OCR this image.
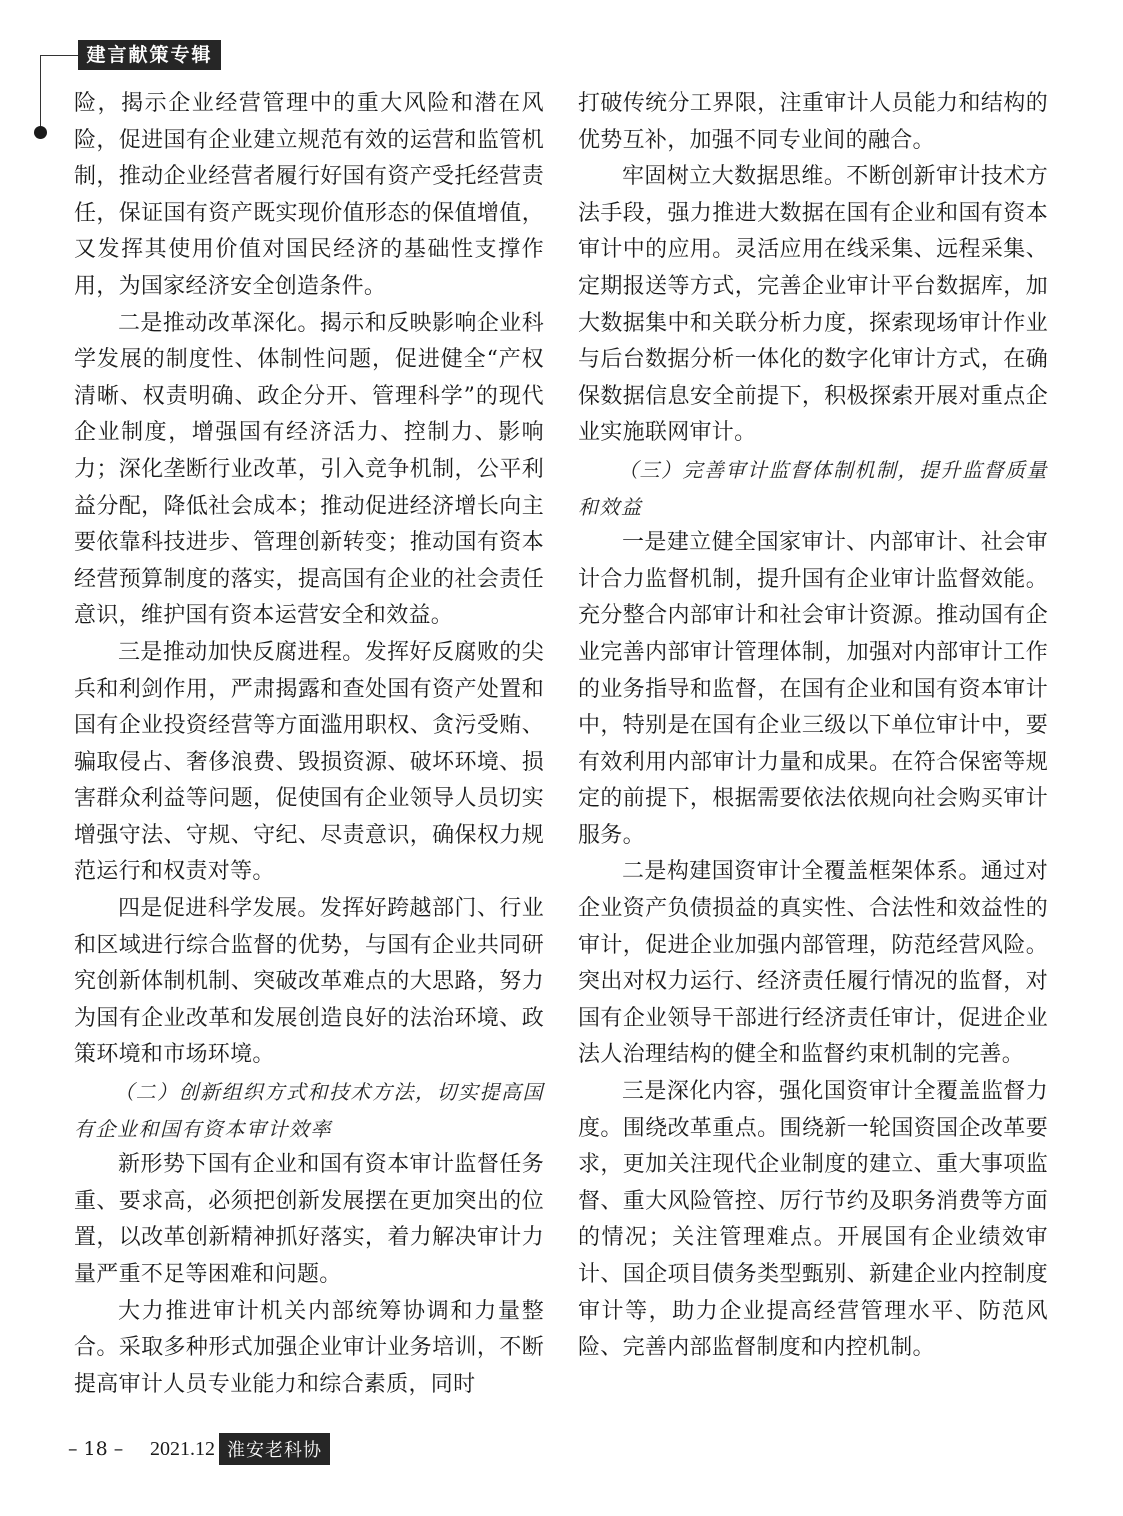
建言献策专辑

险，揭示企业经营管理中的重大风险和潜在风险，促进国有企业建立规范有效的运营和监管机制，推动企业经营者履行好国有资产受托经营责任，保证国有资产既实现价值形态的保值增值，又发挥其使用价值对国民经济的基础性支撑作用，为国家经济安全创造条件。

二是推动改革深化。揭示和反映影响企业科学发展的制度性、体制性问题，促进健全“产权清晰、权责明确、政企分开、管理科学”的现代企业制度，增强国有经济活力、控制力、影响力；深化垄断行业改革，引入竞争机制，公平利益分配，降低社会成本；推动促进经济增长向主要依靠科技进步、管理创新转变；推动国有资本经营预算制度的落实，提高国有企业的社会责任意识，维护国有资本运营安全和效益。

三是推动加快反腐进程。发挥好反腐败的尖兵和利剑作用，严肃揭露和查处国有资产处置和国有企业投资经营等方面滥用职权、贪污受贿、骗取侵占、奢侈浪费、毁损资源、破坏环境、损害群众利益等问题，促使国有企业领导人员切实增强守法、守规、守纪、尽责意识，确保权力规范运行和权责对等。

四是促进科学发展。发挥好跨越部门、行业和区域进行综合监督的优势，与国有企业共同研究创新体制机制、突破改革难点的大思路，努力为国有企业改革和发展创造良好的法治环境、政策环境和市场环境。

（二）创新组织方式和技术方法，切实提高国有企业和国有资本审计效率

新形势下国有企业和国有资本审计监督任务重、要求高，必须把创新发展摆在更加突出的位置，以改革创新精神抓好落实，着力解决审计力量严重不足等困难和问题。

大力推进审计机关内部统筹协调和力量整合。采取多种形式加强企业审计业务培训，不断提高审计人员专业能力和综合素质，同时

打破传统分工界限，注重审计人员能力和结构的优势互补，加强不同专业间的融合。

牢固树立大数据思维。不断创新审计技术方法手段，强力推进大数据在国有企业和国有资本审计中的应用。灵活应用在线采集、远程采集、定期报送等方式，完善企业审计平台数据库，加大数据集中和关联分析力度，探索现场审计作业与后台数据分析一体化的数字化审计方式，在确保数据信息安全前提下，积极探索开展对重点企业实施联网审计。

（三）完善审计监督体制机制，提升监督质量和效益

一是建立健全国家审计、内部审计、社会审计合力监督机制，提升国有企业审计监督效能。充分整合内部审计和社会审计资源。推动国有企业完善内部审计管理体制，加强对内部审计工作的业务指导和监督，在国有企业和国有资本审计中，特别是在国有企业三级以下单位审计中，要有效利用内部审计力量和成果。在符合保密等规定的前提下，根据需要依法依规向社会购买审计服务。

二是构建国资审计全覆盖框架体系。通过对企业资产负债损益的真实性、合法性和效益性的审计，促进企业加强内部管理，防范经营风险。突出对权力运行、经济责任履行情况的监督，对国有企业领导干部进行经济责任审计，促进企业法人治理结构的健全和监督约束机制的完善。

三是深化内容，强化国资审计全覆盖监督力度。围绕改革重点。围绕新一轮国资国企改革要求，更加关注现代企业制度的建立、重大事项监督、重大风险管控、厉行节约及职务消费等方面的情况；关注管理难点。开展国有企业绩效审计、国企项目债务类型甄别、新建企业内控制度审计等，助力企业提高经营管理水平、防范风险、完善内部监督制度和内控机制。

– 18 –	2021.12 淮安老科协
